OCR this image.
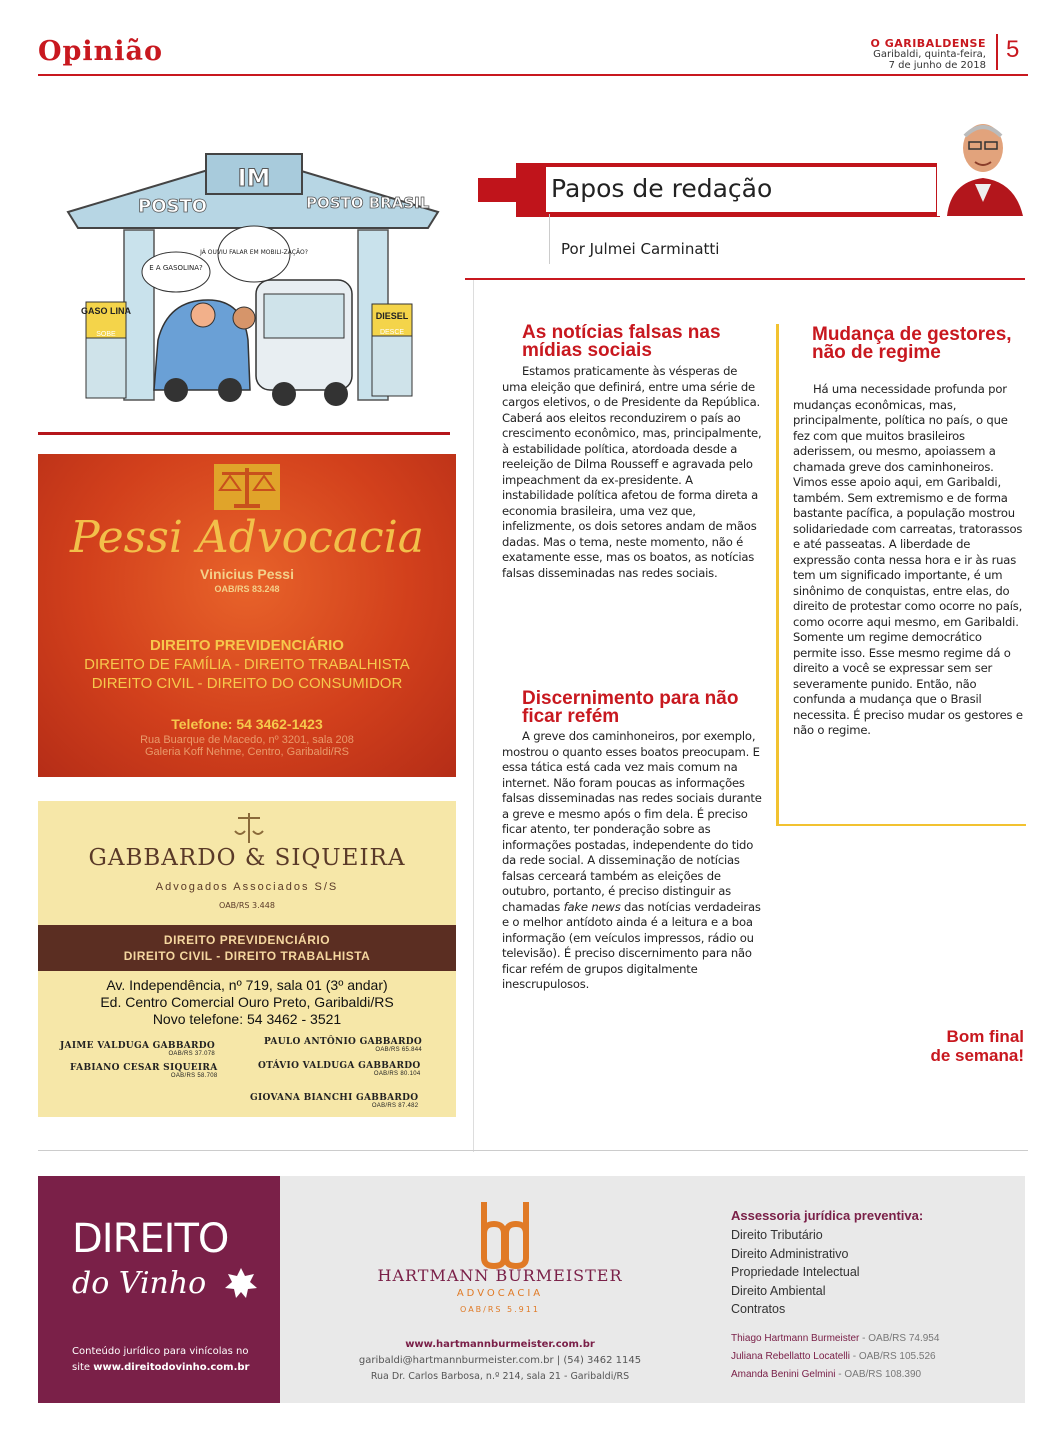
Opinião	O GARIBALDENSE
Garibaldi, quinta-feira,
7 de junho de 2018
5
IM
POSTO	POSTO BRASIL
GASO LINA
SOBE
DIESEL
DESCE
E A GASOLINA?
JÁ OUVIU FALAR EM MOBILI-ZAÇÃO?
Pessi Advocacia
Vinicius Pessi
OAB/RS 83.248
DIREITO PREVIDENCIÁRIO
DIREITO DE FAMÍLIA - DIREITO TRABALHISTA
DIREITO CIVIL - DIREITO DO CONSUMIDOR
Telefone: 54 3462-1423
Rua Buarque de Macedo, nº 3201, sala 208
Galeria Koff Nehme, Centro, Garibaldi/RS
GABBARDO & SIQUEIRA
Advogados Associados S/S
OAB/RS 3.448
DIREITO PREVIDENCIÁRIO
DIREITO CIVIL - DIREITO TRABALHISTA
Av. Independência, nº 719, sala 01 (3º andar)
Ed. Centro Comercial Ouro Preto, Garibaldi/RS
Novo telefone: 54 3462 - 3521
JAIME VALDUGA GABBARDO
OAB/RS 37.078
PAULO ANTÔNIO GABBARDO
OAB/RS 65.844
FABIANO CESAR SIQUEIRA
OAB/RS 58.708
OTÁVIO VALDUGA GABBARDO
OAB/RS 80.104
GIOVANA BIANCHI GABBARDO
OAB/RS 87.482
Papos de redação
Por Julmei Carminatti
As notícias falsas nas mídias sociais
Estamos praticamente às vésperas de uma eleição que definirá, entre uma série de cargos eletivos, o de Presidente da República. Caberá aos eleitos reconduzirem o país ao crescimento econômico, mas, principalmente, à estabilidade política, atordoada desde a reeleição de Dilma Rousseff e agravada pelo impeachment da ex-presidente. A instabilidade política afetou de forma direta a economia brasileira, uma vez que, infelizmente, os dois setores andam de mãos dadas. Mas o tema, neste momento, não é exatamente esse, mas os boatos, as notícias falsas disseminadas nas redes sociais.
Discernimento para não ficar refém
A greve dos caminhoneiros, por exemplo, mostrou o quanto esses boatos preocupam. E essa tática está cada vez mais comum na internet. Não foram poucas as informações falsas disseminadas nas redes sociais durante a greve e mesmo após o fim dela. É preciso ficar atento, ter ponderação sobre as informações postadas, independente do tido da rede social. A disseminação de notícias falsas cerceará também as eleições de outubro, portanto, é preciso distinguir as chamadas fake news das notícias verdadeiras e o melhor antídoto ainda é a leitura e a boa informação (em veículos impressos, rádio ou televisão). É preciso discernimento para não ficar refém de grupos digitalmente inescrupulosos.
Mudança de gestores, não de regime
Há uma necessidade profunda por mudanças econômicas, mas, principalmente, política no país, o que fez com que muitos brasileiros aderissem, ou mesmo, apoiassem a chamada greve dos caminhoneiros. Vimos esse apoio aqui, em Garibaldi, também. Sem extremismo e de forma bastante pacífica, a população mostrou solidariedade com carreatas, tratorassos e até passeatas. A liberdade de expressão conta nessa hora e ir às ruas tem um significado importante, é um sinônimo de conquistas, entre elas, do direito de protestar como ocorre no país, como ocorre aqui mesmo, em Garibaldi. Somente um regime democrático permite isso. Esse mesmo regime dá o direito a você se expressar sem ser severamente punido. Então, não confunda a mudança que o Brasil necessita. É preciso mudar os gestores e não o regime.
Bom final
de semana!
DIREITO
do Vinho
Conteúdo jurídico para vinícolas no
site www.direitodovinho.com.br
HARTMANN BURMEISTER
ADVOCACIA
OAB/RS 5.911
www.hartmannburmeister.com.br
garibaldi@hartmannburmeister.com.br | (54) 3462 1145
Rua Dr. Carlos Barbosa, n.º 214, sala 21 - Garibaldi/RS
Assessoria jurídica preventiva:
Direito Tributário
Direito Administrativo
Propriedade Intelectual
Direito Ambiental
Contratos
Thiago Hartmann Burmeister - OAB/RS 74.954
Juliana Rebellatto Locatelli - OAB/RS 105.526
Amanda Benini Gelmini - OAB/RS 108.390
